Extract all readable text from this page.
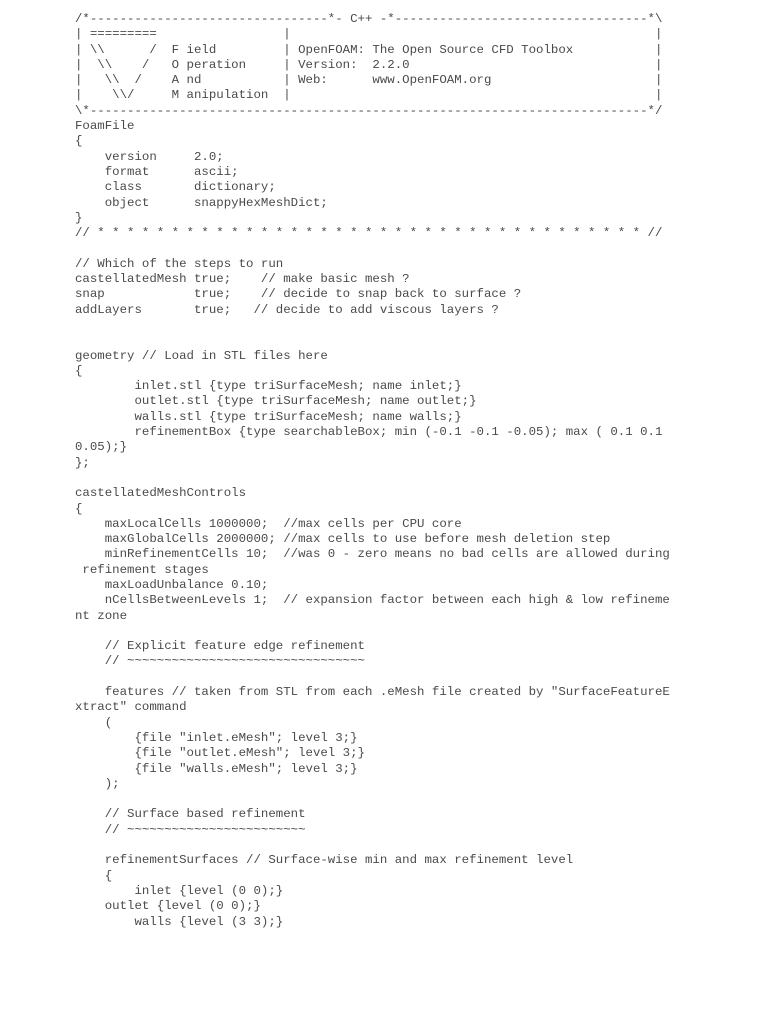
/*--------------------------------*- C++ -*----------------------------------*\
| =========                 |                                                 |
| \\      /  F ield         | OpenFOAM: The Open Source CFD Toolbox           |
|  \\    /   O peration     | Version:  2.2.0                                 |
|   \\  /    A nd           | Web:      www.OpenFOAM.org                      |
|    \\/     M anipulation  |                                                 |
\*---------------------------------------------------------------------------*/
FoamFile
{
version     2.0;
format      ascii;
class       dictionary;
object      snappyHexMeshDict;
}
// * * * * * * * * * * * * * * * * * * * * * * * * * * * * * * * * * * * * * //
// Which of the steps to run
castellatedMesh true;    // make basic mesh ?
snap            true;    // decide to snap back to surface ?
addLayers       true;   // decide to add viscous layers ?
geometry // Load in STL files here
{
inlet.stl {type triSurfaceMesh; name inlet;}
outlet.stl {type triSurfaceMesh; name outlet;}
walls.stl {type triSurfaceMesh; name walls;}
refinementBox {type searchableBox; min (-0.1 -0.1 -0.05); max ( 0.1 0.1
0.05);}
};
castellatedMeshControls
{
maxLocalCells 1000000;  //max cells per CPU core
maxGlobalCells 2000000; //max cells to use before mesh deletion step
minRefinementCells 10;  //was 0 - zero means no bad cells are allowed during
refinement stages
maxLoadUnbalance 0.10;
nCellsBetweenLevels 1;  // expansion factor between each high & low refineme
nt zone
// Explicit feature edge refinement
// ~~~~~~~~~~~~~~~~~~~~~~~~~~~~~~~~
features // taken from STL from each .eMesh file created by "SurfaceFeatureE
xtract" command
(
{file "inlet.eMesh"; level 3;}
{file "outlet.eMesh"; level 3;}
{file "walls.eMesh"; level 3;}
);
// Surface based refinement
// ~~~~~~~~~~~~~~~~~~~~~~~~
refinementSurfaces // Surface-wise min and max refinement level
{
inlet {level (0 0);}
outlet {level (0 0);}
walls {level (3 3);}
